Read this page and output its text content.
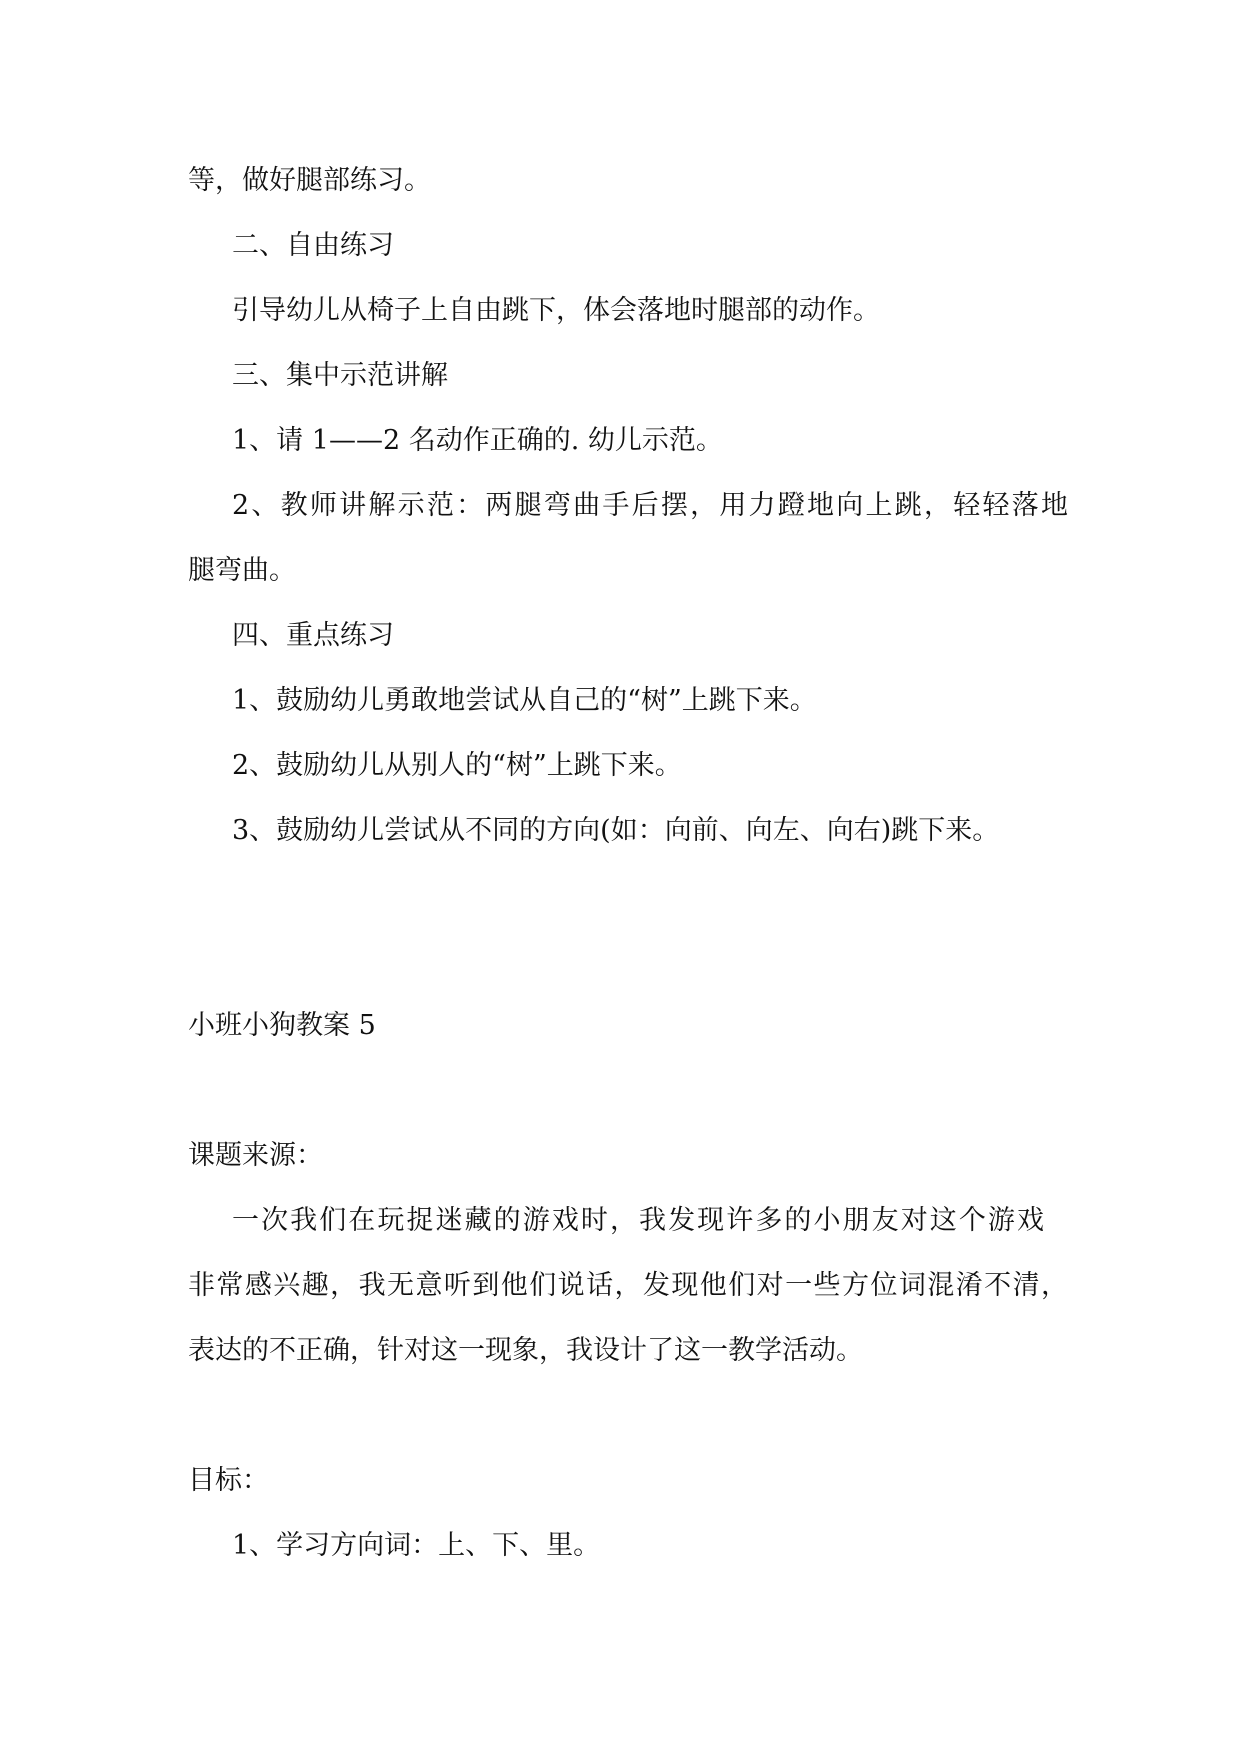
等，做好腿部练习。
二、自由练习
引导幼儿从椅子上自由跳下，体会落地时腿部的动作。
三、集中示范讲解
1、请 1——2 名动作正确的. 幼儿示范。
2、教师讲解示范：两腿弯曲手后摆，用力蹬地向上跳，轻轻落地
腿弯曲。
四、重点练习
1、鼓励幼儿勇敢地尝试从自己的“树”上跳下来。
2、鼓励幼儿从别人的“树”上跳下来。
3、鼓励幼儿尝试从不同的方向(如：向前、向左、向右)跳下来。
小班小狗教案 5
课题来源：
一次我们在玩捉迷藏的游戏时，我发现许多的小朋友对这个游戏
非常感兴趣，我无意听到他们说话，发现他们对一些方位词混淆不清，
表达的不正确，针对这一现象，我设计了这一教学活动。
目标：
1、学习方向词：上、下、里。
